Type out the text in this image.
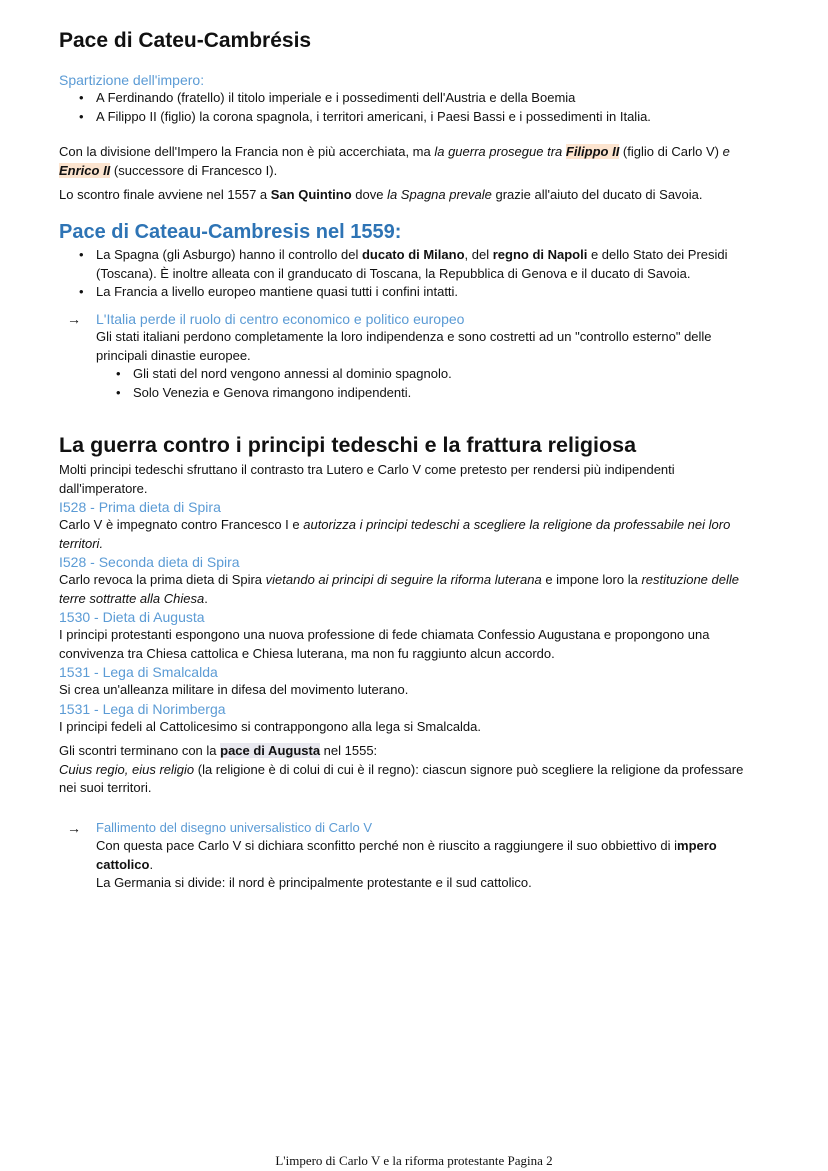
Pace di Cateu-Cambrésis

Spartizione dell'impero:

• A Ferdinando (fratello) il titolo imperiale e i possedimenti dell'Austria e della Boemia
• A Filippo II (figlio) la corona spagnola, i territori americani, i Paesi Bassi e i possedimenti in Italia.

Con la divisione dell'Impero la Francia non è più accerchiata, ma la guerra prosegue tra Filippo II (figlio di Carlo V) e
Enrico II (successore di Francesco I).

Lo scontro finale avviene nel 1557 a San Quintino dove la Spagna prevale grazie all'aiuto del ducato di Savoia.

Pace di Cateau-Cambresis nel 1559:
• La Spagna (gli Asburgo) hanno il controllo del ducato di Milano, del regno di Napoli e dello Stato dei Presidi
(Toscana). È inoltre alleata con il granducato di Toscana, la Repubblica di Genova e il ducato di Savoia.
• La Francia a livello europeo mantiene quasi tutti i confini intatti.
→ L'Italia perde il ruolo di centro economico e politico europeo

Gli stati italiani perdono completamente la loro indipendenza e sono costretti ad un "controllo esterno" delle

principali dinastie europee.

• Gli stati del nord vengono annessi al dominio spagnolo.
• Solo Venezia e Genova rimangono indipendenti.
La guerra contro i principi tedeschi e la frattura religiosa

Molti principi tedeschi sfruttano il contrasto tra Lutero e Carlo V come pretesto per rendersi più indipendenti

dall'imperatore.

I528 - Prima dieta di Spira

Carlo V è impegnato contro Francesco I e autorizza i principi tedeschi a scegliere la religione da professabile nei loro

territori.

I528 - Seconda dieta di Spira

Carlo revoca la prima dieta di Spira vietando ai principi di seguire la riforma luterana e impone loro la restituzione delle

terre sottratte alla Chiesa.

1530 - Dieta di Augusta

I principi protestanti espongono una nuova professione di fede chiamata Confessio Augustana e propongono una

convivenza tra Chiesa cattolica e Chiesa luterana, ma non fu raggiunto alcun accordo.

1531 - Lega di Smalcalda

Si crea un'alleanza militare in difesa del movimento luterano.

1531 - Lega di Norimberga

I principi fedeli al Cattolicesimo si contrappongono alla lega si Smalcalda.

Gli scontri terminano con la pace di Augusta nel 1555:

Cuius regio, eius religio (la religione è di colui di cui è il regno): ciascun signore può scegliere la religione da professare

nei suoi territori.

→ Fallimento del disegno universalistico di Carlo V

Con questa pace Carlo V si dichiara sconfitto perché non è riuscito a raggiungere il suo obbiettivo di impero

cattolico.

La Germania si divide: il nord è principalmente protestante e il sud cattolico.

L'impero di Carlo V e la riforma protestante Pagina 2
